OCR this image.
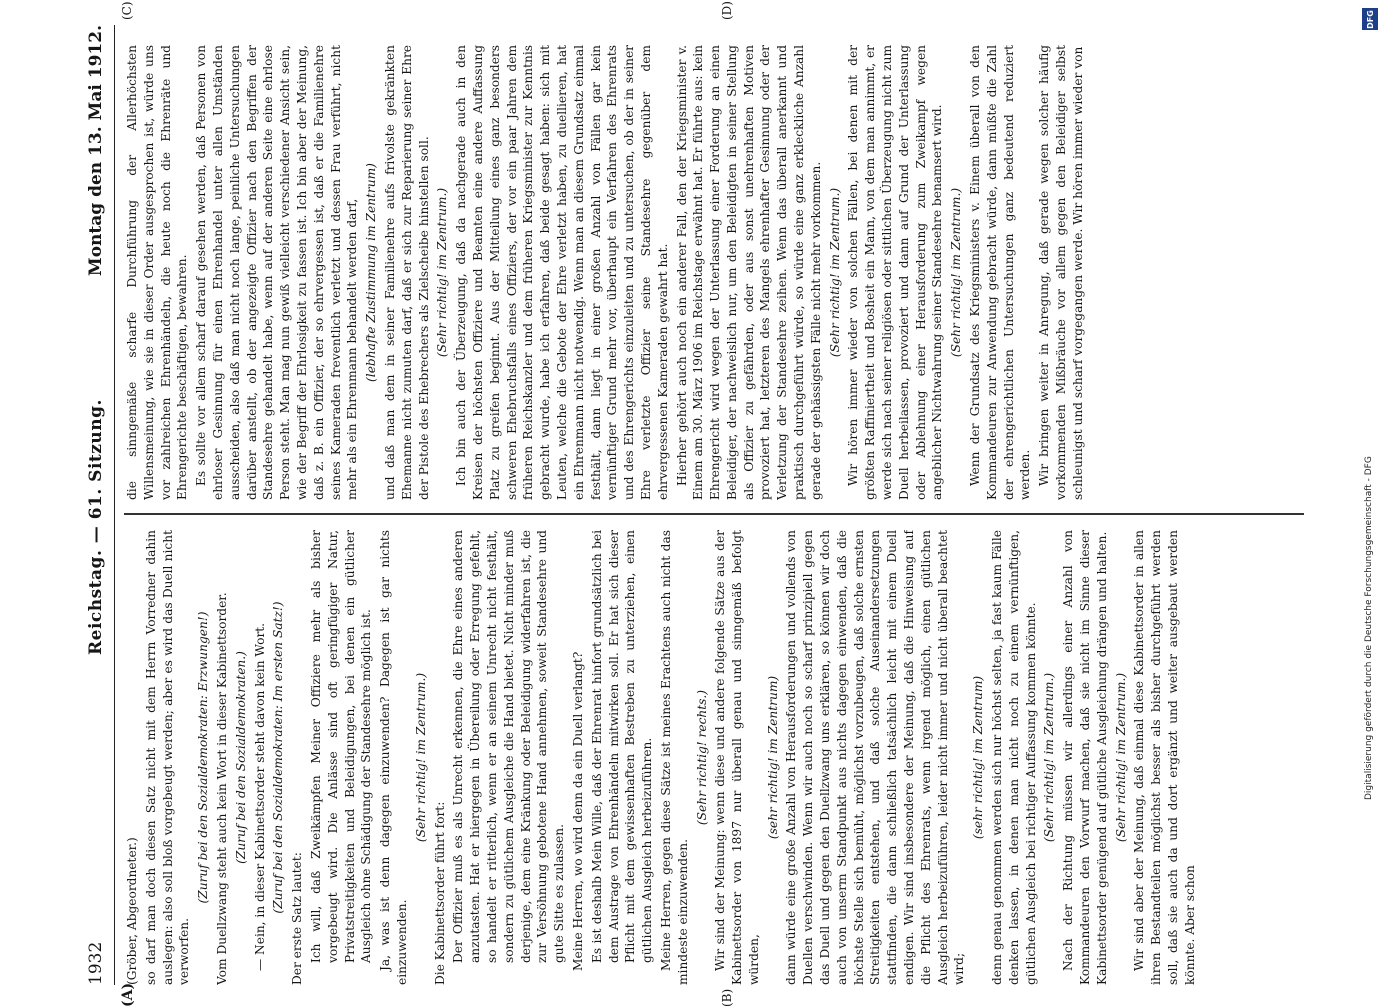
1932
Reichstag. — 61. Sitzung.
Montag den 13. Mai 1912.
(A)	(B)
(C)	(D)

(Gröber, Abgeordneter.) so darf man doch diesen Satz nicht mit dem Herrn Vorredner dahin auslegen: also soll bloß vorgebeugt werden; aber es wird das Duell nicht verworfen.

(Zuruf bei den Sozialdemokraten: Erzwungen!) Vom Duellzwang steht auch kein Wort in dieser Kabinettsorder. (Zuruf bei den Sozialdemokraten.) — Nein, in dieser Kabinettsorder steht davon kein Wort. (Zuruf bei den Sozialdemokraten: Im ersten Satz!)

Der erste Satz lautet: Ich will, daß Zweikämpfen Meiner Offiziere mehr als bisher vorgebeugt wird. Die Anlässe sind oft geringfügiger Natur, Privatstreitigkeiten und Beleidigungen, bei denen ein gütlicher Ausgleich ohne Schädigung der Standesehre möglich ist. Ja, was ist denn dagegen einzuwenden? Dagegen ist gar nichts einzuwenden.

(Sehr richtig! im Zentrum.)

Die Kabinettsorder führt fort: Der Offizier muß es als Unrecht erkennen, die Ehre eines anderen anzutasten. Hat er hiergegen in Übereilung oder Erregung gefehlt, so handelt er ritterlich, wenn er an seinem Unrecht nicht festhält, sondern zu gütlichem Ausgleiche die Hand bietet. Nicht minder muß derjenige, dem eine Kränkung oder Beleidigung widerfahren ist, die zur Versöhnung gebotene Hand annehmen, soweit Standesehre und gute Sitte es zulassen. Meine Herren, wo wird denn da ein Duell verlangt? Es ist deshalb Mein Wille, daß der Ehrenrat hinfort grundsätzlich bei dem Austrage von Ehrenhändeln mitwirken soll. Er hat sich dieser Pflicht mit dem gewissenhaften Bestreben zu unterziehen, einen gütlichen Ausgleich herbeizuführen. Meine Herren, gegen diese Sätze ist meines Erachtens auch nicht das mindeste einzuwenden.

(Sehr richtig! rechts.) Wir sind der Meinung: wenn diese und andere folgende Sätze aus der Kabinettsorder von 1897 nur überall genau und sinngemäß befolgt würden,

(sehr richtig! im Zentrum) dann würde eine große Anzahl von Herausforderungen und vollends von Duellen verschwinden. Wenn wir auch noch so scharf prinzipiell gegen das Duell und gegen den Duellzwang uns erklären, so können wir doch auch von unserm Standpunkt aus nichts dagegen einwenden, daß die höchste Stelle sich bemüht, möglichst vorzubeugen, daß solche ernsten Streitigkeiten entstehen, und daß solche Auseinandersetzungen stattfinden, die dann schließlich tatsächlich leicht mit einem Duell endigen. Wir sind insbesondere der Meinung, daß die Hinweisung auf die Pflicht des Ehrenrats, wenn irgend möglich, einen gütlichen Ausgleich herbeizuführen, leider nicht immer und nicht überall beachtet wird;

(sehr richtig! im Zentrum) denn genau genommen werden sich nur höchst selten, ja fast kaum Fälle denken lassen, in denen man nicht noch zu einem vernünftigen, gütlichen Ausgleich bei richtiger Auffassung kommen könnte. (Sehr richtig! im Zentrum.) Nach der Richtung müssen wir allerdings einer Anzahl von Kommandeuren den Vorwurf machen, daß sie nicht im Sinne dieser Kabinettsorder genügend auf gütliche Ausgleichung drängen und halten. (Sehr richtig! im Zentrum.) Wir sind aber der Meinung, daß einmal diese Kabinettsorder in allen ihren Bestandteilen möglichst besser als bisher durchgeführt werden soll, daß sie auch da und dort ergänzt und weiter ausgebaut werden könnte. Aber schon

die sinngemäße scharfe Durchführung der Allerhöchsten Willensmeinung, wie sie in dieser Order ausgesprochen ist, würde uns vor zahlreichen Ehrenhändeln, die heute noch die Ehrenräte und Ehrengerichte beschäftigen, bewahren. Es sollte vor allem scharf darauf gesehen werden, daß Personen von ehrloser Gesinnung für einen Ehrenhandel unter allen Umständen ausscheiden, also daß man nicht noch lange, peinliche Untersuchungen darüber anstellt, ob der angezeigte Offizier nach den Begriffen der Standesehre gehandelt habe, wenn auf der anderen Seite eine ehrlose Person steht. Man mag nun gewiß vielleicht verschiedener Ansicht sein, wie der Begriff der Ehrlosigkeit zu fassen ist. Ich bin aber der Meinung, daß z. B. ein Offizier, der so ehrvergessen ist, daß er die Familienehre seines Kameraden freventlich verletzt und dessen Frau verführt, nicht mehr als ein Ehrenmann behandelt werden darf, (lebhafte Zustimmung im Zentrum) und daß man dem in seiner Familienehre aufs frivolste gekränkten Ehemanne nicht zumuten darf, daß er sich zur Reparierung seiner Ehre der Pistole des Ehebrechers als Zielscheibe hinstellen soll. (Sehr richtig! im Zentrum.) Ich bin auch der Überzeugung, daß da nachgerade auch in den Kreisen der höchsten Offiziere und Beamten eine andere Auffassung Platz zu greifen beginnt. Aus der Mitteilung eines ganz besonders schweren Ehebruchsfalls eines Offiziers, der vor ein paar Jahren dem früheren Reichskanzler und dem früheren Kriegsminister zur Kenntnis gebracht wurde, habe ich erfahren, daß beide gesagt haben: sich mit Leuten, welche die Gebote der Ehre verletzt haben, zu duellieren, hat ein Ehrenmann nicht notwendig. Wenn man an diesem Grundsatz einmal festhält, dann liegt in einer großen Anzahl von Fällen gar kein vernünftiger Grund mehr vor, überhaupt ein Verfahren des Ehrenrats und des Ehrengerichts einzuleiten und zu untersuchen, ob der in seiner Ehre verletzte Offizier seine Standesehre gegenüber dem ehrvergessenen Kameraden gewahrt hat. Hierher gehört auch noch ein anderer Fall, den der Kriegsminister v. Einem am 30. März 1906 im Reichstage erwähnt hat. Er führte aus: kein Ehrengericht wird wegen der Unterlassung einer Forderung an einen Beleidiger, der nachweislich nur, um den Beleidigten in seiner Stellung als Offizier zu gefährden, oder aus sonst unehrenhaften Motiven provoziert hat, letzteren des Mangels ehrenhafter Gesinnung oder der Verletzung der Standesehre zeihen. Wenn das überall anerkannt und praktisch durchgeführt würde, so würde eine ganz erkleckliche Anzahl gerade der gehässigsten Fälle nicht mehr vorkommen. (Sehr richtig! im Zentrum.) Wir hören immer wieder von solchen Fällen, bei denen mit der größten Raffiniertheit und Bosheit ein Mann, von dem man annimmt, er werde sich nach seiner religiösen oder sittlichen Überzeugung nicht zum Duell herbeilassen, provoziert und dann auf Grund der Unterlassung oder Ablehnung einer Herausforderung zum Zweikampf wegen angeblicher Nichtwahrung seiner Standesehre benamsert wird. (Sehr richtig! im Zentrum.) Wenn der Grundsatz des Kriegsministers v. Einem überall von den Kommandeuren zur Anwendung gebracht würde, dann müßte die Zahl der ehrengerichtlichen Untersuchungen ganz bedeutend reduziert werden. Wir bringen weiter in Anregung, daß gerade wegen solcher häufig vorkommenden Mißbräuche vor allem gegen den Beleidiger selbst schleunigst und scharf vorgegangen werde. Wir hören immer wieder von

DFG
Digitalisierung gefördert durch die Deutsche Forschungsgemeinschaft - DFG
